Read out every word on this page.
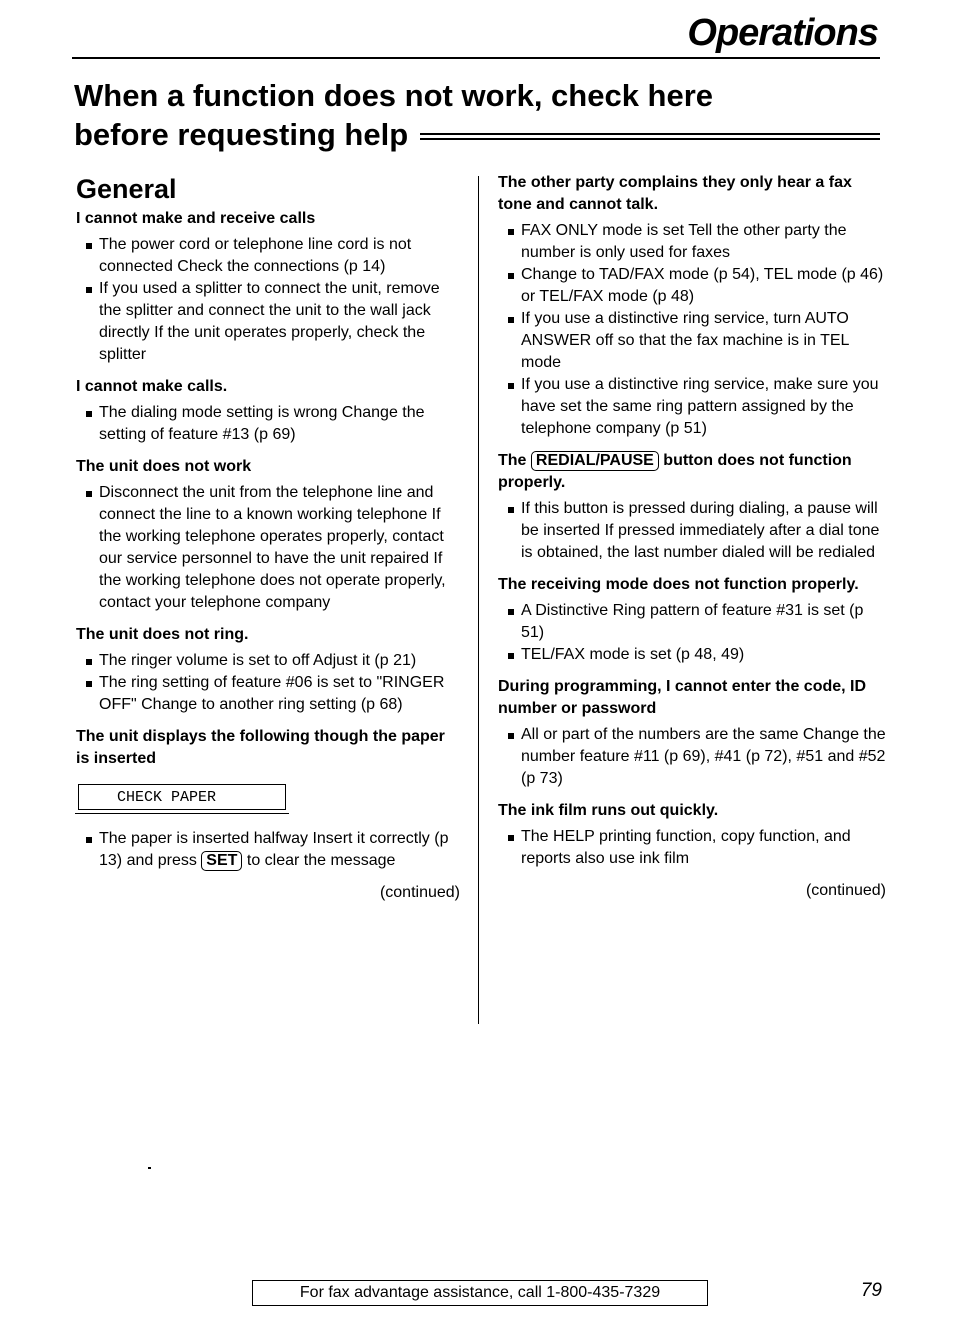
Operations
When a function does not work, check here
before requesting help
General

I cannot make and receive calls

The power cord or telephone line cord is not connected Check the connections (p 14)
If you used a splitter to connect the unit, remove the splitter and connect the unit to the wall jack directly If the unit operates properly, check the splitter

I cannot make calls.

The dialing mode setting is wrong Change the setting of feature #13 (p 69)

The unit does not work

Disconnect the unit from the telephone line and connect the line to a known working telephone If the working telephone operates properly, contact our service personnel to have the unit repaired If the working telephone does not operate properly, contact your telephone company

The unit does not ring.

The ringer volume is set to off Adjust it (p 21)
The ring setting of feature #06 is set to "RINGER OFF" Change to another ring setting (p 68)

The unit displays the following though the paper is inserted

CHECK PAPER
The paper is inserted halfway Insert it correctly (p 13) and press SET to clear the message
(continued)

The other party complains they only hear a fax tone and cannot talk.

FAX ONLY mode is set Tell the other party the number is only used for faxes
Change to TAD/FAX mode (p 54), TEL mode (p 46) or TEL/FAX mode (p 48)
If you use a distinctive ring service, turn AUTO ANSWER off so that the fax machine is in TEL mode
If you use a distinctive ring service, make sure you have set the same ring pattern assigned by the telephone company (p 51)

The REDIAL/PAUSE button does not function properly.

If this button is pressed during dialing, a pause will be inserted If pressed immediately after a dial tone is obtained, the last number dialed will be redialed

The receiving mode does not function properly.

A Distinctive Ring pattern of feature #31 is set (p 51)
TEL/FAX mode is set (p 48, 49)

During programming, I cannot enter the code, ID number or password

All or part of the numbers are the same Change the number feature #11 (p 69), #41 (p 72), #51 and #52 (p 73)

The ink film runs out quickly.

The HELP printing function, copy function, and reports also use ink film
(continued)
For fax advantage assistance, call 1-800-435-7329	79
